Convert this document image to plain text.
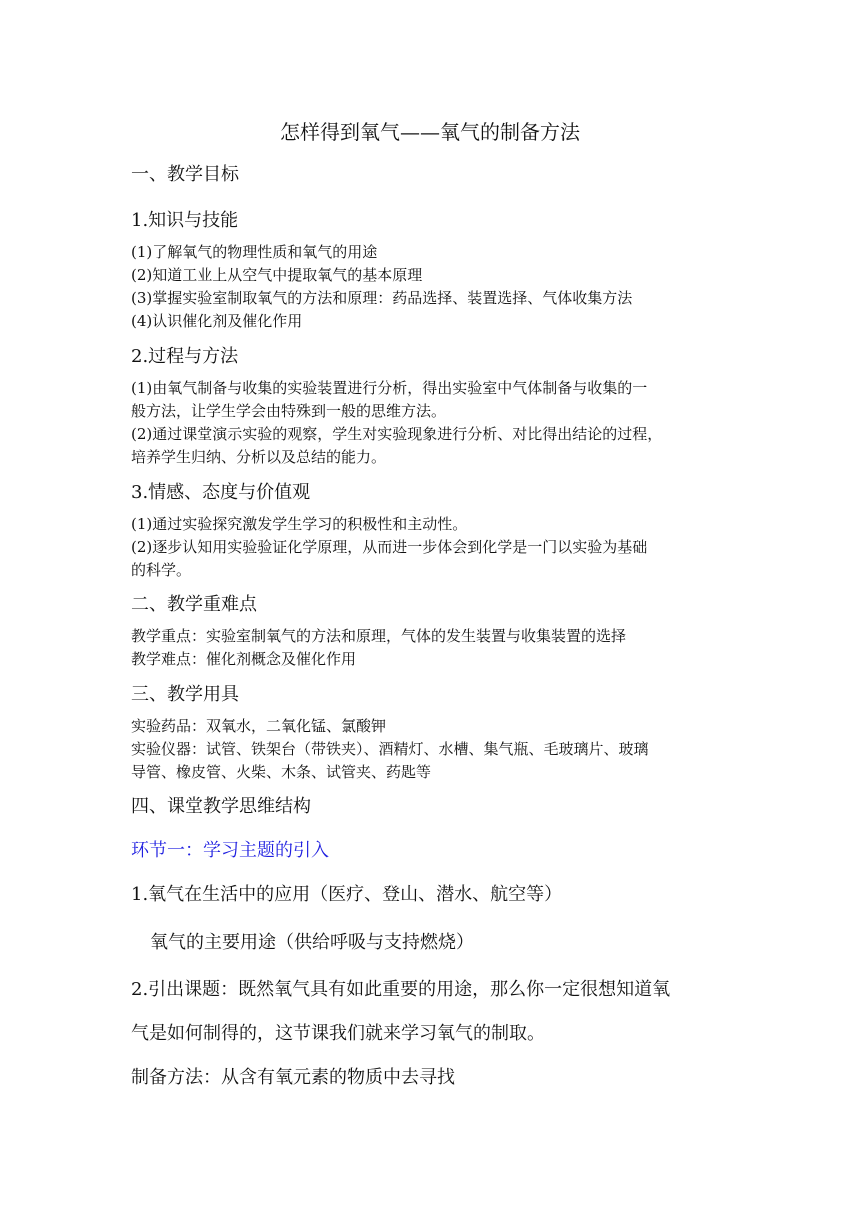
怎样得到氧气——氧气的制备方法
一、教学目标
1.知识与技能
(1)了解氧气的物理性质和氧气的用途
(2)知道工业上从空气中提取氧气的基本原理
(3)掌握实验室制取氧气的方法和原理：药品选择、装置选择、气体收集方法
(4)认识催化剂及催化作用
2.过程与方法
(1)由氧气制备与收集的实验装置进行分析，得出实验室中气体制备与收集的一
般方法，让学生学会由特殊到一般的思维方法。
(2)通过课堂演示实验的观察，学生对实验现象进行分析、对比得出结论的过程，
培养学生归纳、分析以及总结的能力。
3.情感、态度与价值观
(1)通过实验探究激发学生学习的积极性和主动性。
(2)逐步认知用实验验证化学原理，从而进一步体会到化学是一门以实验为基础
的科学。
二、教学重难点
教学重点：实验室制氧气的方法和原理，气体的发生装置与收集装置的选择
教学难点：催化剂概念及催化作用
三、教学用具
实验药品：双氧水，二氧化锰、氯酸钾
实验仪器：试管、铁架台（带铁夹）、酒精灯、水槽、集气瓶、毛玻璃片、玻璃
导管、橡皮管、火柴、木条、试管夹、药匙等
四、课堂教学思维结构
环节一：学习主题的引入
1.氧气在生活中的应用（医疗、登山、潜水、航空等）
氧气的主要用途（供给呼吸与支持燃烧）
2.引出课题：既然氧气具有如此重要的用途，那么你一定很想知道氧
气是如何制得的，这节课我们就来学习氧气的制取。
制备方法：从含有氧元素的物质中去寻找
